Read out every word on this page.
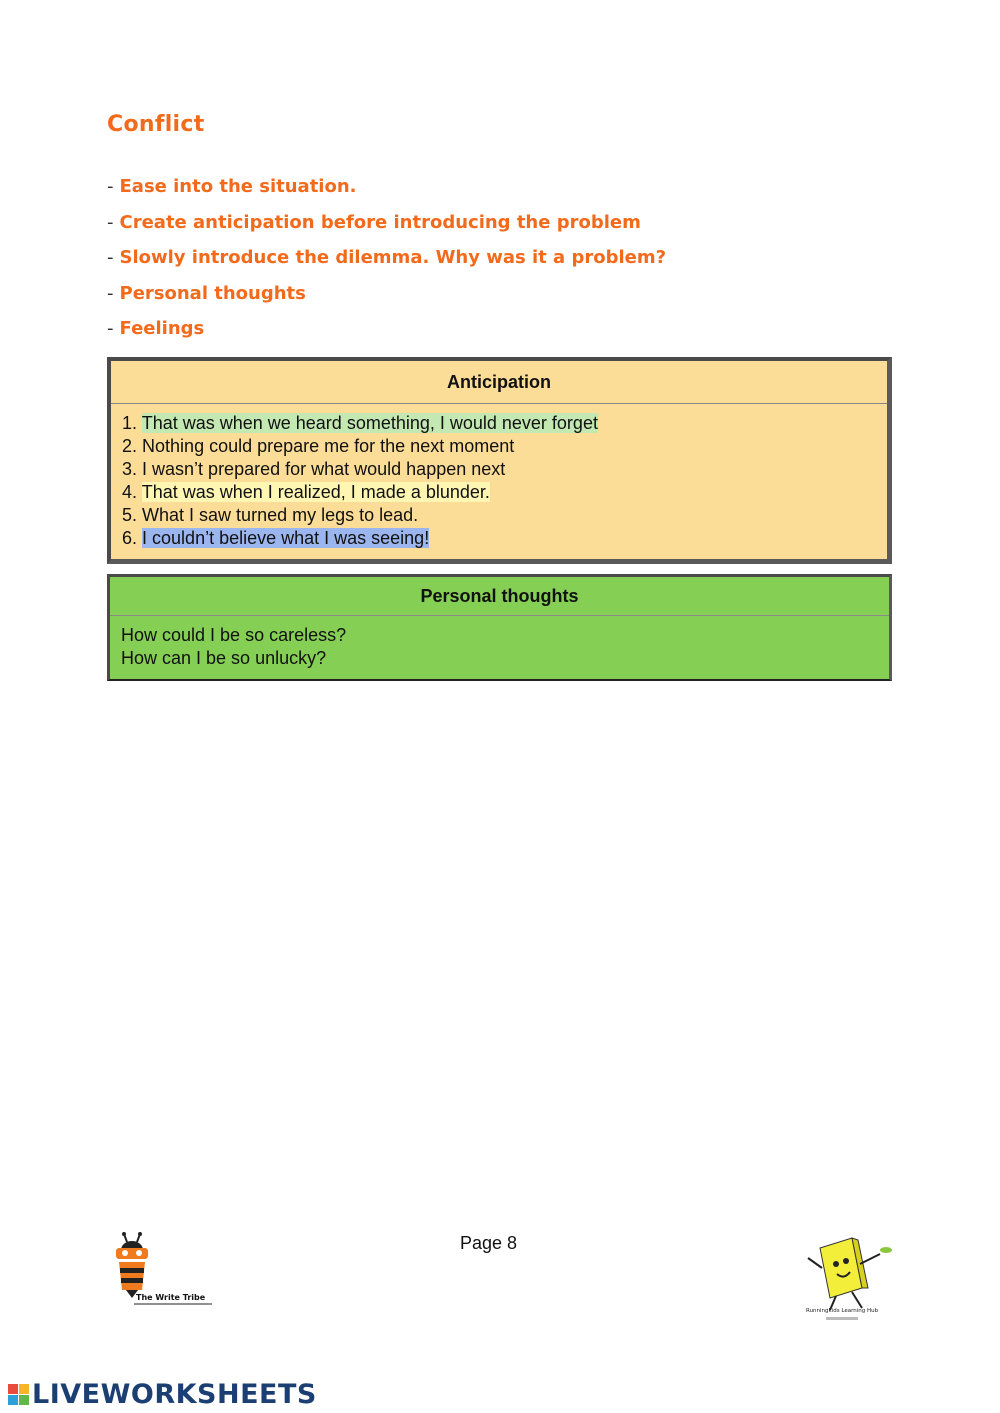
Conflict
- Ease into the situation.
- Create anticipation before introducing the problem
- Slowly introduce the dilemma. Why was it a problem?
- Personal thoughts
- Feelings
Anticipation
1. That was when we heard something, I would never forget
2. Nothing could prepare me for the next moment
3. I wasn’t prepared for what would happen next
4. That was when I realized, I made a blunder.
5. What I saw turned my legs to lead.
6. I couldn’t believe what I was seeing!
Personal thoughts
How could I be so careless?
How can I be so unlucky?
Page 8
The Write Tribe
Runningkids Learning Hub
LIVEWORKSHEETS
